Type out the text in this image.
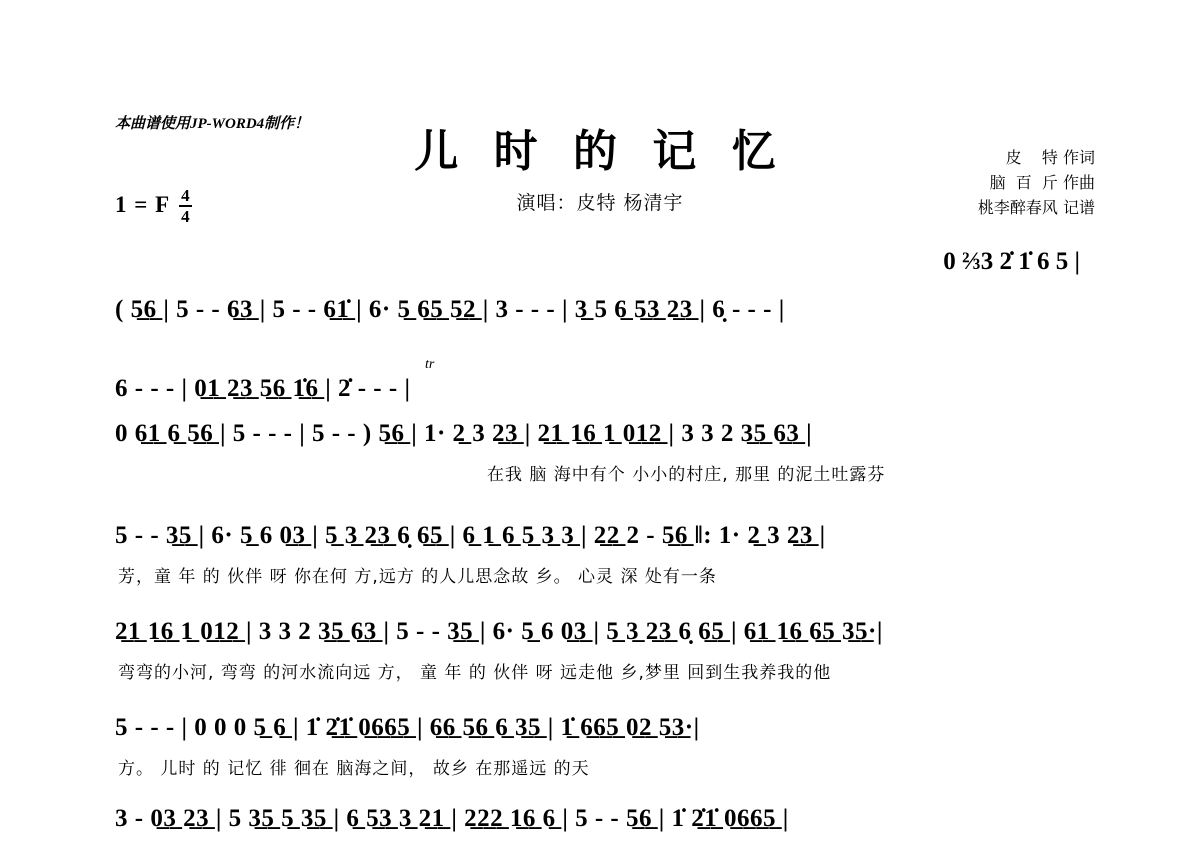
本曲谱使用JP-WORD4制作！
儿 时 的 记 忆
演唱：皮特 杨清宇
皮    特 作词
脑  百  斤 作曲
桃李醉春风 记谱
1 = F $\frac{4}{4}$
0 ⅔3 2̇ 1̇ 6 5 |
( 5̲6̲ | 5 - - 6̲3̲ | 5 - - 6̲1̲̇ | 6· 5̲ 6̲5̲ 5̲2̲ | 3 - - - | 3̲ 5 6̲ 5̲3̲ 2̲3̲ | 6̣ - - - |
6 - - - | 0̲1̲ 2̲3̲ 5̲6̲ 1̲̇6̲ | 2̇ - - - |
tr
0 6̲1̲ 6̲ 5̲6̲ | 5 - - - | 5 - - ) 5̲6̲ | 1· 2̲ 3 2̲3̲ | 2̲1̲ 1̲6̲ 1̲ 0̲1̲2̲ | 3 3 2 3̲5̲ 6̲3̲ |
在我 脑 海中有个 小小的村庄, 那里 的泥土吐露芬
5 - - 3̲5̲ | 6· 5̲ 6 0̲3̲ | 5̲ 3̲ 2̲3̲ 6̣ 6̲5̲ | 6̲ 1̲ 6̲ 5̲ 3̲ 3̲ | 2̲2̲ 2 - 5̲6̲ ‖: 1· 2̲ 3 2̲3̲ |
芳，童 年 的 伙伴 呀 你在何 方,远方 的人儿思念故 乡。 心灵 深 处有一条
2̲1̲ 1̲6̲ 1̲ 0̲1̲2̲ | 3 3 2 3̲5̲ 6̲3̲ | 5 - - 3̲5̲ | 6· 5̲ 6 0̲3̲ | 5̲ 3̲ 2̲3̲ 6̣ 6̲5̲ | 6̲1̲ 1̲6̲ 6̲5̲ 3̲5̲·|
弯弯的小河, 弯弯 的河水流向远 方， 童 年 的 伙伴 呀 远走他 乡,梦里 回到生我养我的他
5 - - - | 0 0 0 5̲ 6̲ | 1̇ 2̲̇1̲̇ 0̲6̲6̲5̲ | 6̲6̲ 5̲6̲ 6̲ 3̲5̲ | 1̲̇ 6̲6̲5̲ 0̲2̲ 5̲3̲·|
方。 儿时 的 记忆 徘 徊在 脑海之间， 故乡 在那遥远 的天
3 - 0̲3̲ 2̲3̲ | 5 3̲5̲ 5̲ 3̲5̲ | 6̲ 5̲3̲ 3̲ 2̲1̲ | 2̲2̲2̲ 1̲6̲ 6̲ | 5 - - 5̲6̲ | 1̇ 2̲̇1̲̇ 0̲6̲6̲5̲ |
